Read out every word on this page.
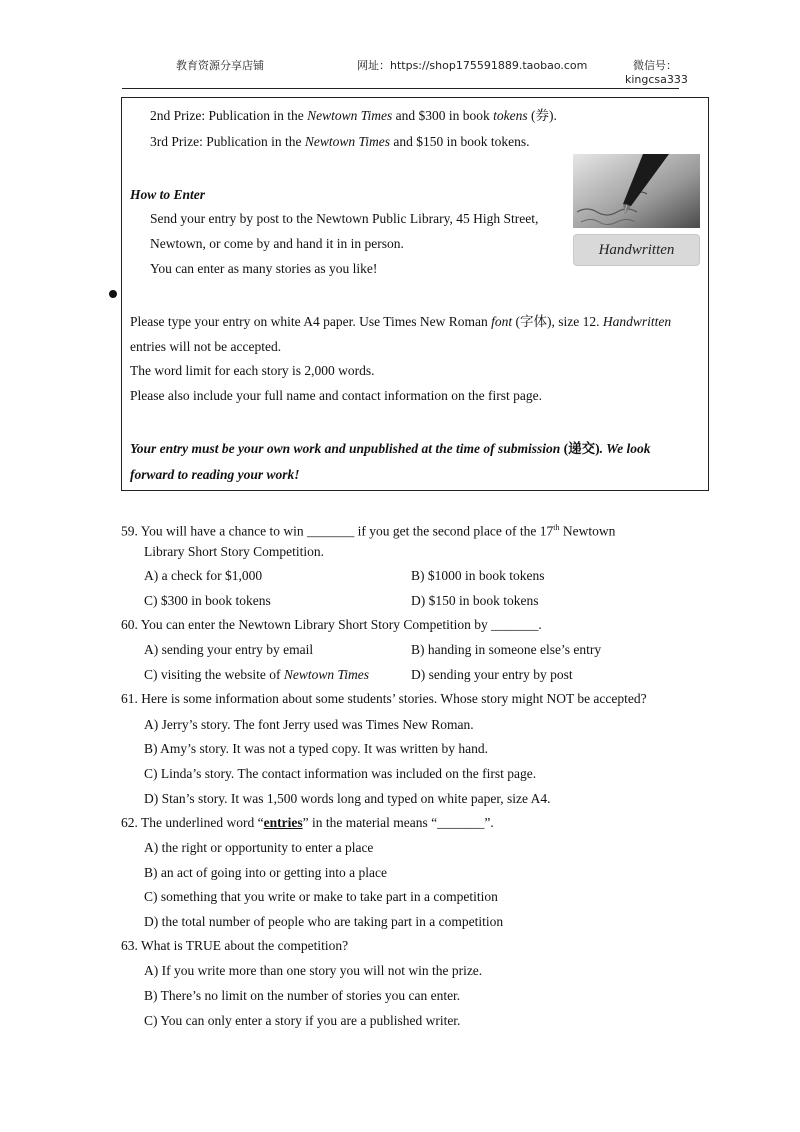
教育资源分享店铺	网址：https://shop175591889.taobao.com	微信号：
kingcsa333
2nd Prize: Publication in the Newtown Times and $300 in book tokens (券).
3rd Prize: Publication in the Newtown Times and $150 in book tokens.
How to Enter
Send your entry by post to the Newtown Public Library, 45 High Street,
Newtown, or come by and hand it in in person.
You can enter as many stories as you like!
Handwritten
Please type your entry on white A4 paper. Use Times New Roman font (字体), size 12. Handwritten
entries will not be accepted.
The word limit for each story is 2,000 words.
Please also include your full name and contact information on the first page.
Your entry must be your own work and unpublished at the time of submission (递交). We look
forward to reading your work!
59. You will have a chance to win _______ if you get the second place of the 17th Newtown
Library Short Story Competition.
A) a check for $1,000	B) $1000 in book tokens
C) $300 in book tokens	D) $150 in book tokens
60. You can enter the Newtown Library Short Story Competition by _______.
A) sending your entry by email	B) handing in someone else’s entry
C) visiting the website of Newtown Times	D) sending your entry by post
61. Here is some information about some students’ stories. Whose story might NOT be accepted?
A) Jerry’s story. The font Jerry used was Times New Roman.
B) Amy’s story. It was not a typed copy. It was written by hand.
C) Linda’s story. The contact information was included on the first page.
D) Stan’s story. It was 1,500 words long and typed on white paper, size A4.
62. The underlined word “entries” in the material means “_______”.
A) the right or opportunity to enter a place
B) an act of going into or getting into a place
C) something that you write or make to take part in a competition
D) the total number of people who are taking part in a competition
63. What is TRUE about the competition?
A) If you write more than one story you will not win the prize.
B) There’s no limit on the number of stories you can enter.
C) You can only enter a story if you are a published writer.
